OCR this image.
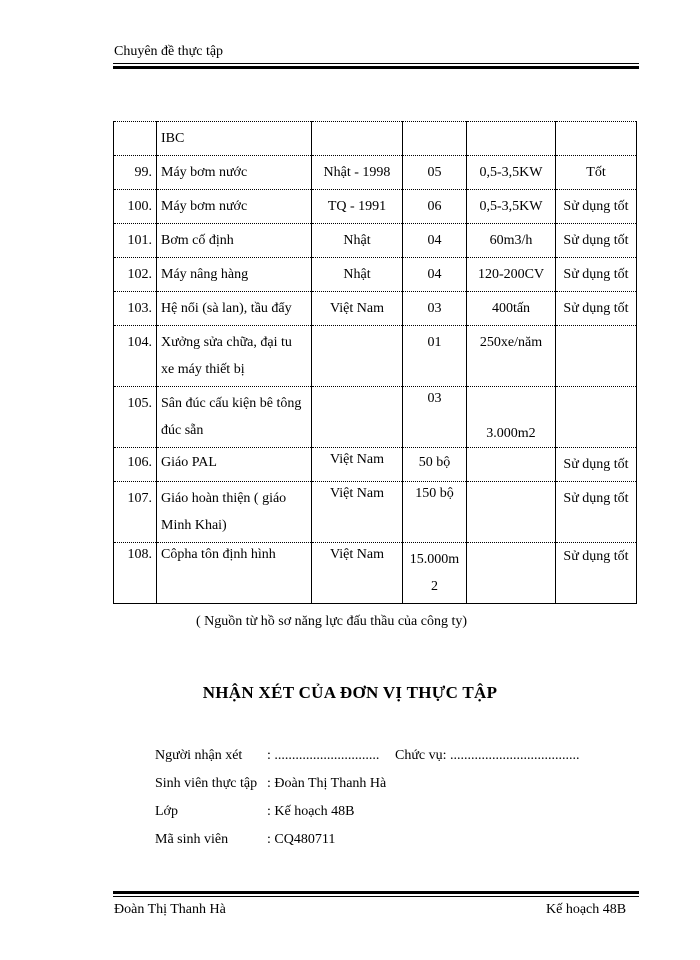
Chuyên đề thực tập
	IBC				
99.	Máy bơm nước	Nhật - 1998	05	0,5-3,5KW	Tốt
100.	Máy bơm nước	TQ - 1991	06	0,5-3,5KW	Sử dụng tốt
101.	Bơm cố định	Nhật	04	60m3/h	Sử dụng tốt
102.	Máy nâng hàng	Nhật	04	120-200CV	Sử dụng tốt
103.	Hệ nổi (sà lan), tầu đẩy	Việt Nam	03	400tấn	Sử dụng tốt
104.	Xưởng sửa chữa, đại tu xe máy thiết bị		01	250xe/năm	
105.	Sân đúc cấu kiện bê tông đúc sẵn		03	3.000m2	
106.	Giáo PAL	Việt Nam	50 bộ		Sử dụng tốt
107.	Giáo hoàn thiện ( giáo Minh Khai)	Việt Nam	150 bộ		Sử dụng tốt
108.	Côpha tôn định hình	Việt Nam	15.000m2		Sử dụng tốt
( Nguồn từ hồ sơ năng lực đấu thầu của công ty)
NHẬN XÉT CỦA ĐƠN VỊ THỰC TẬP
Người nhận xét : .............................. Chức vụ: .....................................
Sinh viên thực tập : Đoàn Thị Thanh Hà
Lớp	: Kế hoạch 48B
Mã sinh viên	: CQ480711
Đoàn Thị Thanh Hà	Kế hoạch 48B
